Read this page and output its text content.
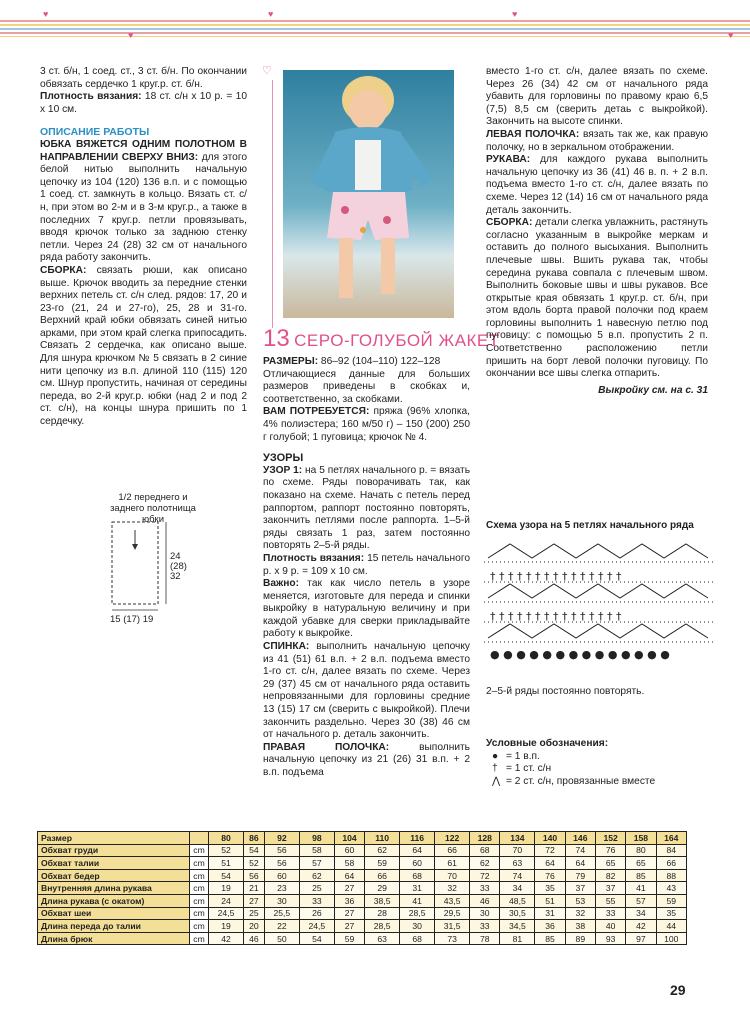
♥
♥
♥	♥
♥

3 ст. б/н, 1 соед. ст., 3 ст. б/н. По окончании обвязать сердечко 1 круг.р. ст. б/н.

Плотность вязания: 18 ст. с/н х 10 р. = 10 х 10 см.

ОПИСАНИЕ РАБОТЫ

ЮБКА ВЯЖЕТСЯ ОДНИМ ПОЛОТНОМ В НАПРАВЛЕНИИ СВЕРХУ ВНИЗ: для этого белой нитью выполнить начальную цепочку из 104 (120) 136 в.п. и с помощью 1 соед. ст. замкнуть в кольцо. Вязать ст. с/н, при этом во 2-м и в 3-м круг.р., а также в последних 7 круг.р. петли провязывать, вводя крючок только за заднюю стенку петли. Через 24 (28) 32 см от начального ряда работу закончить.

СБОРКА: связать рюши, как описано выше. Крючок вводить за передние стенки верхних петель ст. с/н след. рядов: 17, 20 и 23-го (21, 24 и 27-го), 25, 28 и 31-го. Верхний край юбки обвязать синей нитью арками, при этом край слегка припосадить. Связать 2 сердечка, как описано выше. Для шнура крючком № 5 связать в 2 синие нити цепочку из в.п. длиной 110 (115) 120 см. Шнур пропустить, начиная от середины переда, во 2-й круг.р. юбки (над 2 и под 2 ст. с/н), на концы шнура пришить по 1 сердечку.

1/2 переднего и заднего полотнища юбки
24
(28)
32
15 (17) 19
♡
13 СЕРО-ГОЛУБОЙ ЖАКЕТ

РАЗМЕРЫ: 86–92 (104–110) 122–128

Отличающиеся данные для больших размеров приведены в скобках и, соответственно, за скобками.

ВАМ ПОТРЕБУЕТСЯ: пряжа (96% хлопка, 4% полиэстера; 160 м/50 г) – 150 (200) 250 г голубой; 1 пуговица; крючок № 4.

УЗОРЫ

УЗОР 1: на 5 петлях начального р. = вязать по схеме. Ряды поворачивать так, как показано на схеме. Начать с петель перед раппортом, раппорт постоянно повторять, закончить петлями после раппорта. 1–5-й ряды связать 1 раз, затем постоянно повторять 2–5-й ряды.

Плотность вязания: 15 петель начального р. х 9 р. = 109 х 10 см.

Важно: так как число петель в узоре меняется, изготовьте для переда и спинки выкройку в натуральную величину и при каждой убавке для сверки прикладывайте работу к выкройке.

СПИНКА: выполнить начальную цепочку из 41 (51) 61 в.п. + 2 в.п. подъема вместо 1-го ст. с/н, далее вязать по схеме. Через 29 (37) 45 см от начального ряда оставить непровязанными для горловины средние 13 (15) 17 см (сверить с выкройкой). Плечи закончить раздельно. Через 30 (38) 46 см от начального р. деталь закончить.

ПРАВАЯ ПОЛОЧКА: выполнить начальную цепочку из 21 (26) 31 в.п. + 2 в.п. подъема

вместо 1-го ст. с/н, далее вязать по схеме. Через 26 (34) 42 см от начального ряда убавить для горловины по правому краю 6,5 (7,5) 8,5 см (сверить детаь с выкройкой). Закончить на высоте спинки.

ЛЕВАЯ ПОЛОЧКА: вязать так же, как правую полочку, но в зеркальном отображении.

РУКАВА: для каждого рукава выполнить начальную цепочку из 36 (41) 46 в. п. + 2 в.п. подъема вместо 1-го ст. с/н, далее вязать по схеме. Через 12 (14) 16 см от начального ряда деталь закончить.

СБОРКА: детали слегка увлажнить, растянуть согласно указанным в выкройке меркам и оставить до полного высыхания. Выполнить плечевые швы. Вшить рукава так, чтобы середина рукава совпала с плечевым швом. Выполнить боковые швы и швы рукавов. Все открытые края обвязать 1 круг.р. ст. б/н, при этом вдоль борта правой полочки под краем горловины выполнить 1 навесную петлю под пуговицу: с помощью 5 в.п. пропустить 2 п. Соответственно расположению петли пришить на борт левой полочки пуговицу. По окончании все швы слегка отпарить.

Выкройку см. на с. 31

Схема узора на 5 петлях начального ряда
† † † † † † † † † † † † † † †
† † † † † † † † † † † † † † †
● ● ● ● ● ● ● ● ● ● ● ● ● ●
2–5-й ряды постоянно повторять.

Условные обозначения:

● = 1 в.п.

† = 1 ст. с/н

⋀ = 2 ст. с/н, провязанные вместе

Размер		80	86	92	98	104	110	116	122	128	134	140	146	152	158	164
Обхват груди	cm	52	54	56	58	60	62	64	66	68	70	72	74	76	80	84
Обхват талии	cm	51	52	56	57	58	59	60	61	62	63	64	64	65	65	66
Обхват бедер	cm	54	56	60	62	64	66	68	70	72	74	76	79	82	85	88
Внутренняя длина рукава	cm	19	21	23	25	27	29	31	32	33	34	35	37	37	41	43
Длина рукава (с окатом)	cm	24	27	30	33	36	38,5	41	43,5	46	48,5	51	53	55	57	59
Обхват шеи	cm	24,5	25	25,5	26	27	28	28,5	29,5	30	30,5	31	32	33	34	35
Длина переда до талии	cm	19	20	22	24,5	27	28,5	30	31,5	33	34,5	36	38	40	42	44
Длина брюк	cm	42	46	50	54	59	63	68	73	78	81	85	89	93	97	100
29
